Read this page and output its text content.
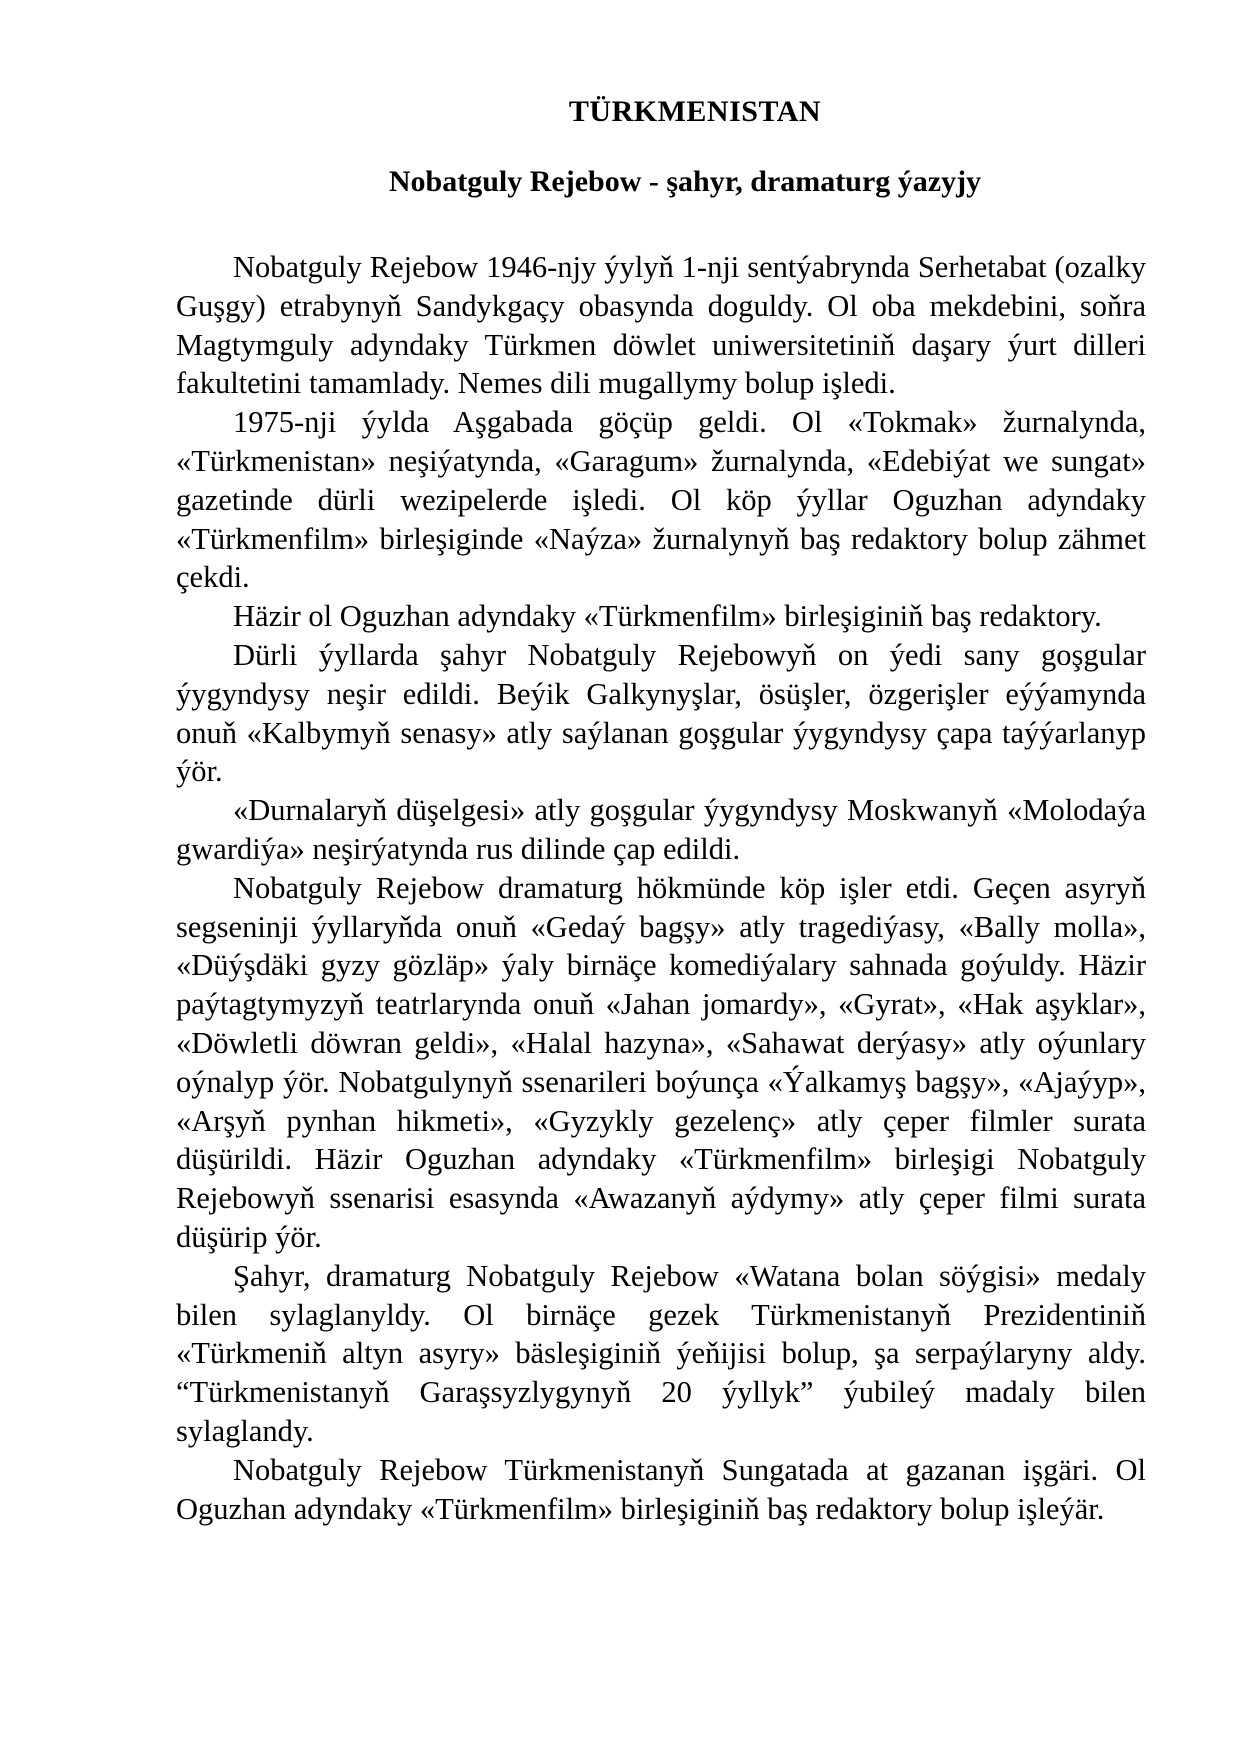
TÜRKMENISTAN
Nobatguly Rejebow - şahyr, dramaturg ýazyjy

Nobatguly Rejebow 1946-njy ýylyň 1-nji sentýabrynda Serhetabat (ozalky Guşgy) etrabynyň Sandykgaçy obasynda doguldy. Ol oba mekdebini, soňra Magtymguly adyndaky Türkmen döwlet uniwersitetiniň daşary ýurt dilleri fakultetini tamamlady. Nemes dili mugallymy bolup işledi.

1975-nji ýylda Aşgabada göçüp geldi. Ol «Tokmak» žurnalynda, «Türkmenistan» neşiýatynda, «Garagum» žurnalynda, «Edebiýat we sungat» gazetinde dürli wezipelerde işledi. Ol köp ýyllar Oguzhan adyndaky «Türkmenfilm» birleşiginde «Naýza» žurnalynyň baş redaktory bolup zähmet çekdi.

Häzir ol Oguzhan adyndaky «Türkmenfilm» birleşiginiň baş redaktory.

Dürli ýyllarda şahyr Nobatguly Rejebowyň on ýedi sany goşgular ýygyndysy neşir edildi. Beýik Galkynyşlar, ösüşler, özgerişler eýýamynda onuň «Kalbymyň senasy» atly saýlanan goşgular ýygyndysy çapa taýýarlanyp ýör.

«Durnalaryň düşelgesi» atly goşgular ýygyndysy Moskwanyň «Molodaýa gwardiýa» neşirýatynda rus dilinde çap edildi.

Nobatguly Rejebow dramaturg hökmünde köp işler etdi. Geçen asyryň segseninji ýyllaryňda onuň «Gedaý bagşy» atly tragediýasy, «Bally molla», «Düýşdäki gyzy gözläp» ýaly birnäçe komediýalary sahnada goýuldy. Häzir paýtagtymyzyň teatrlarynda onuň «Jahan jomardy», «Gyrat», «Hak aşyklar», «Döwletli döwran geldi», «Halal hazyna», «Sahawat derýasy» atly oýunlary oýnalyp ýör. Nobatgulynyň ssenarileri boýunça «Ýalkamyş bagşy», «Ajaýyp», «Arşyň pynhan hikmeti», «Gyzykly gezelenç» atly çeper filmler surata düşürildi. Häzir Oguzhan adyndaky «Türkmenfilm» birleşigi Nobatguly Rejebowyň ssenarisi esasynda «Awazanyň aýdymy» atly çeper filmi surata düşürip ýör.

Şahyr, dramaturg Nobatguly Rejebow «Watana bolan söýgisi» medaly bilen sylaglanyldy. Ol birnäçe gezek Türkmenistanyň Prezidentiniň «Türkmeniň altyn asyry» bäsleşiginiň ýeňijisi bolup, şa serpaýlaryny aldy. “Türkmenistanyň Garaşsyzlygynyň 20 ýyllyk” ýubileý madaly bilen sylaglandy.

Nobatguly Rejebow Türkmenistanyň Sungatada at gazanan işgäri. Ol Oguzhan adyndaky «Türkmenfilm» birleşiginiň baş redaktory bolup işleýär.
